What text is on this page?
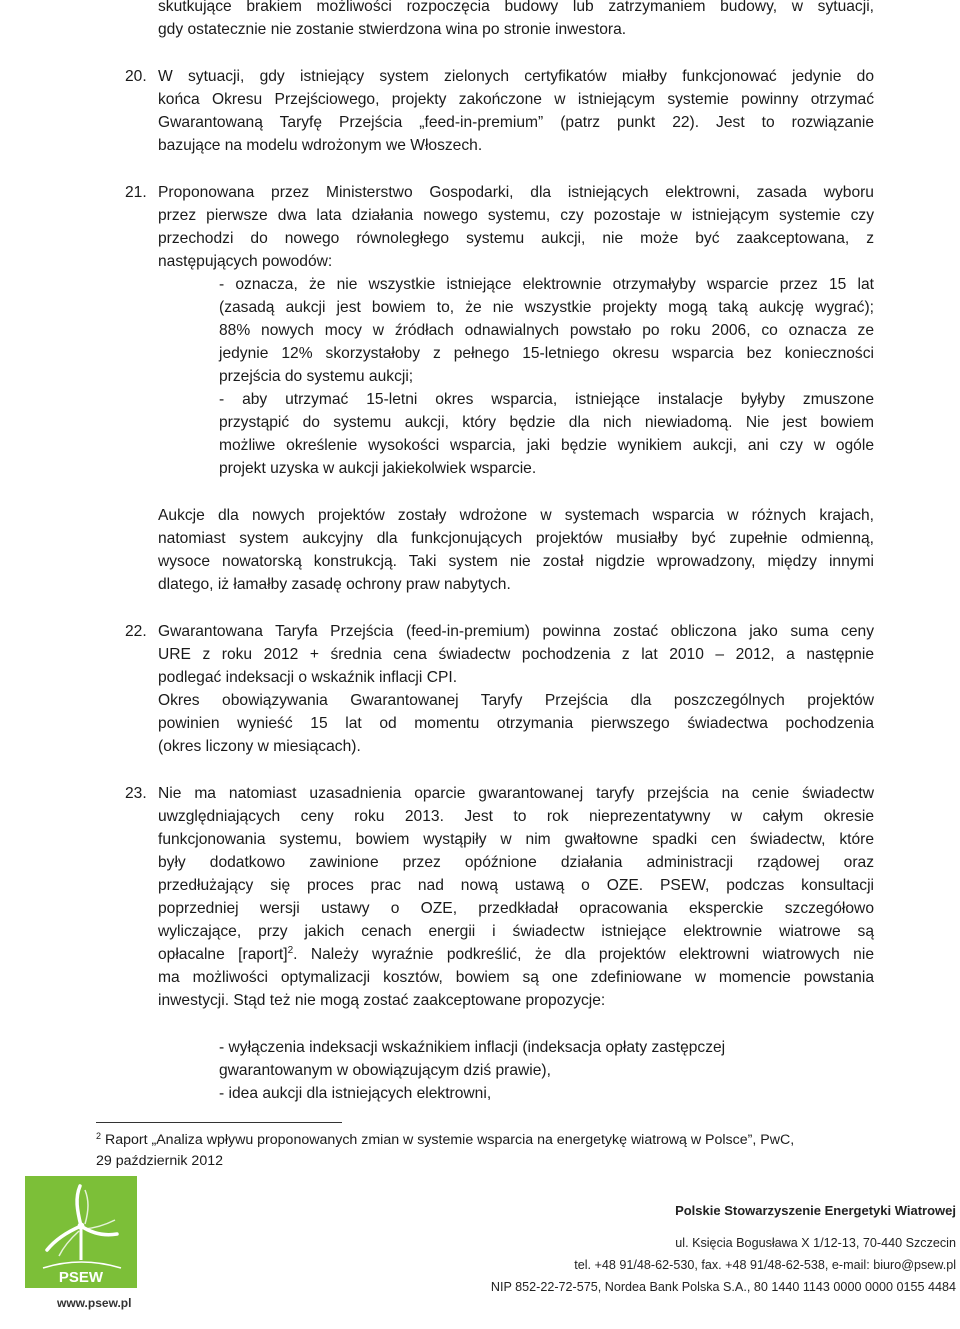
skutkujące brakiem możliwości rozpoczęcia budowy lub zatrzymaniem budowy, w sytuacji,
gdy ostatecznie nie zostanie stwierdzona wina po stronie inwestora.
20. W sytuacji, gdy istniejący system zielonych certyfikatów miałby funkcjonować jedynie do
końca Okresu Przejściowego, projekty zakończone w istniejącym systemie powinny otrzymać
Gwarantowaną Taryfę Przejścia „feed-in-premium” (patrz punkt 22). Jest to rozwiązanie
bazujące na modelu wdrożonym we Włoszech.
21. Proponowana przez Ministerstwo Gospodarki, dla istniejących elektrowni, zasada wyboru
przez pierwsze dwa lata działania nowego systemu, czy pozostaje w istniejącym systemie czy
przechodzi do nowego równoległego systemu aukcji, nie może być zaakceptowana, z
następujących powodów:
- oznacza, że nie wszystkie istniejące elektrownie otrzymałyby wsparcie przez 15 lat
(zasadą aukcji jest bowiem to, że nie wszystkie projekty mogą taką aukcję wygrać);
88% nowych mocy w źródłach odnawialnych powstało po roku 2006, co oznacza ze
jedynie 12% skorzystałoby z pełnego 15-letniego okresu wsparcia bez konieczności
przejścia do systemu aukcji;
- aby utrzymać 15-letni okres wsparcia, istniejące instalacje byłyby zmuszone
przystąpić do systemu aukcji, który będzie dla nich niewiadomą. Nie jest bowiem
możliwe określenie wysokości wsparcia, jaki będzie wynikiem aukcji, ani czy w ogóle
projekt uzyska w aukcji jakiekolwiek wsparcie.
Aukcje dla nowych projektów zostały wdrożone w systemach wsparcia w różnych krajach,
natomiast system aukcyjny dla funkcjonujących projektów musiałby być zupełnie odmienną,
wysoce nowatorską konstrukcją. Taki system nie został nigdzie wprowadzony, między innymi
dlatego, iż łamałby zasadę ochrony praw nabytych.
22. Gwarantowana Taryfa Przejścia (feed-in-premium) powinna zostać obliczona jako suma ceny
URE z roku 2012 + średnia cena świadectw pochodzenia z lat 2010 – 2012, a następnie
podlegać indeksacji o wskaźnik inflacji CPI.
Okres obowiązywania Gwarantowanej Taryfy Przejścia dla poszczególnych projektów
powinien wynieść 15 lat od momentu otrzymania pierwszego świadectwa pochodzenia
(okres liczony w miesiącach).
23. Nie ma natomiast uzasadnienia oparcie gwarantowanej taryfy przejścia na cenie świadectw
uwzględniających ceny roku 2013. Jest to rok nieprezentatywny w całym okresie
funkcjonowania systemu, bowiem wystąpiły w nim gwałtowne spadki cen świadectw, które
były dodatkowo zawinione przez opóźnione działania administracji rządowej oraz
przedłużający się proces prac nad nową ustawą o OZE. PSEW, podczas konsultacji
poprzedniej wersji ustawy o OZE, przedkładał opracowania eksperckie szczegółowo
wyliczające, przy jakich cenach energii i świadectw istniejące elektrownie wiatrowe są
opłacalne [raport]$^2$. Należy wyraźnie podkreślić, że dla projektów elektrowni wiatrowych nie
ma możliwości optymalizacji kosztów, bowiem są one zdefiniowane w momencie powstania
inwestycji. Stąd też nie mogą zostać zaakceptowane propozycje:
- wyłączenia indeksacji wskaźnikiem inflacji (indeksacja opłaty zastępczej
gwarantowanym w obowiązującym dziś prawie),
- idea aukcji dla istniejących elektrowni,
$^2$ Raport „Analiza wpływu proponowanych zmian w systemie wsparcia na energetykę wiatrową w Polsce”, PwC,
29 październik 2012
PSEW
www.psew.pl
Polskie Stowarzyszenie Energetyki Wiatrowej
ul. Księcia Bogusława X 1/12-13, 70-440 Szczecin
tel. +48 91/48-62-530, fax. +48 91/48-62-538, e-mail: biuro@psew.pl
NIP 852-22-72-575, Nordea Bank Polska S.A., 80 1440 1143 0000 0000 0155 4484
